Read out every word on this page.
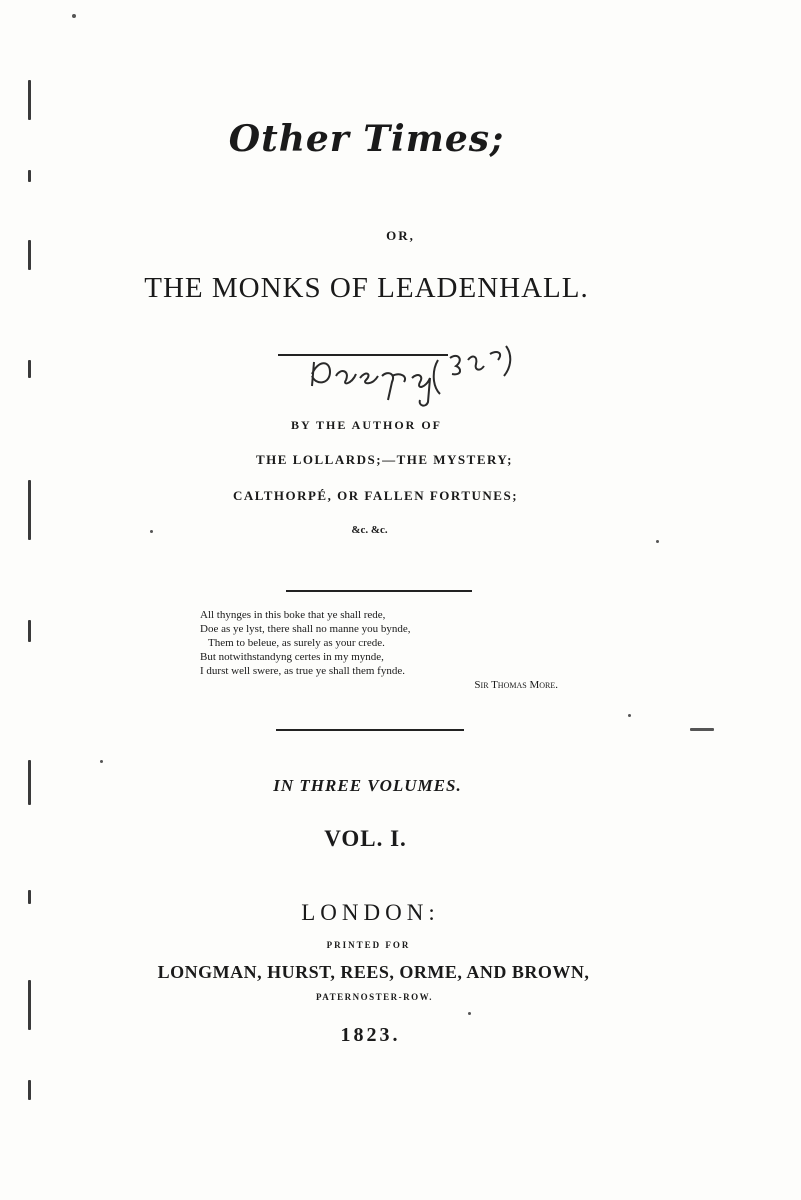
Other Times;
OR,
THE MONKS OF LEADENHALL.
BY THE AUTHOR OF
THE LOLLARDS;—THE MYSTERY;
CALTHORPÉ, OR FALLEN FORTUNES;
&c. &c.
All thynges in this boke that ye shall rede,
Doe as ye lyst, there shall no manne you bynde,
Them to beleue, as surely as your crede.
But notwithstandyng certes in my mynde,
I durst well swere, as true ye shall them fynde.
Sir Thomas More.
IN THREE VOLUMES.
VOL. I.
LONDON:
PRINTED FOR
LONGMAN, HURST, REES, ORME, AND BROWN,
PATERNOSTER-ROW.
1823.
